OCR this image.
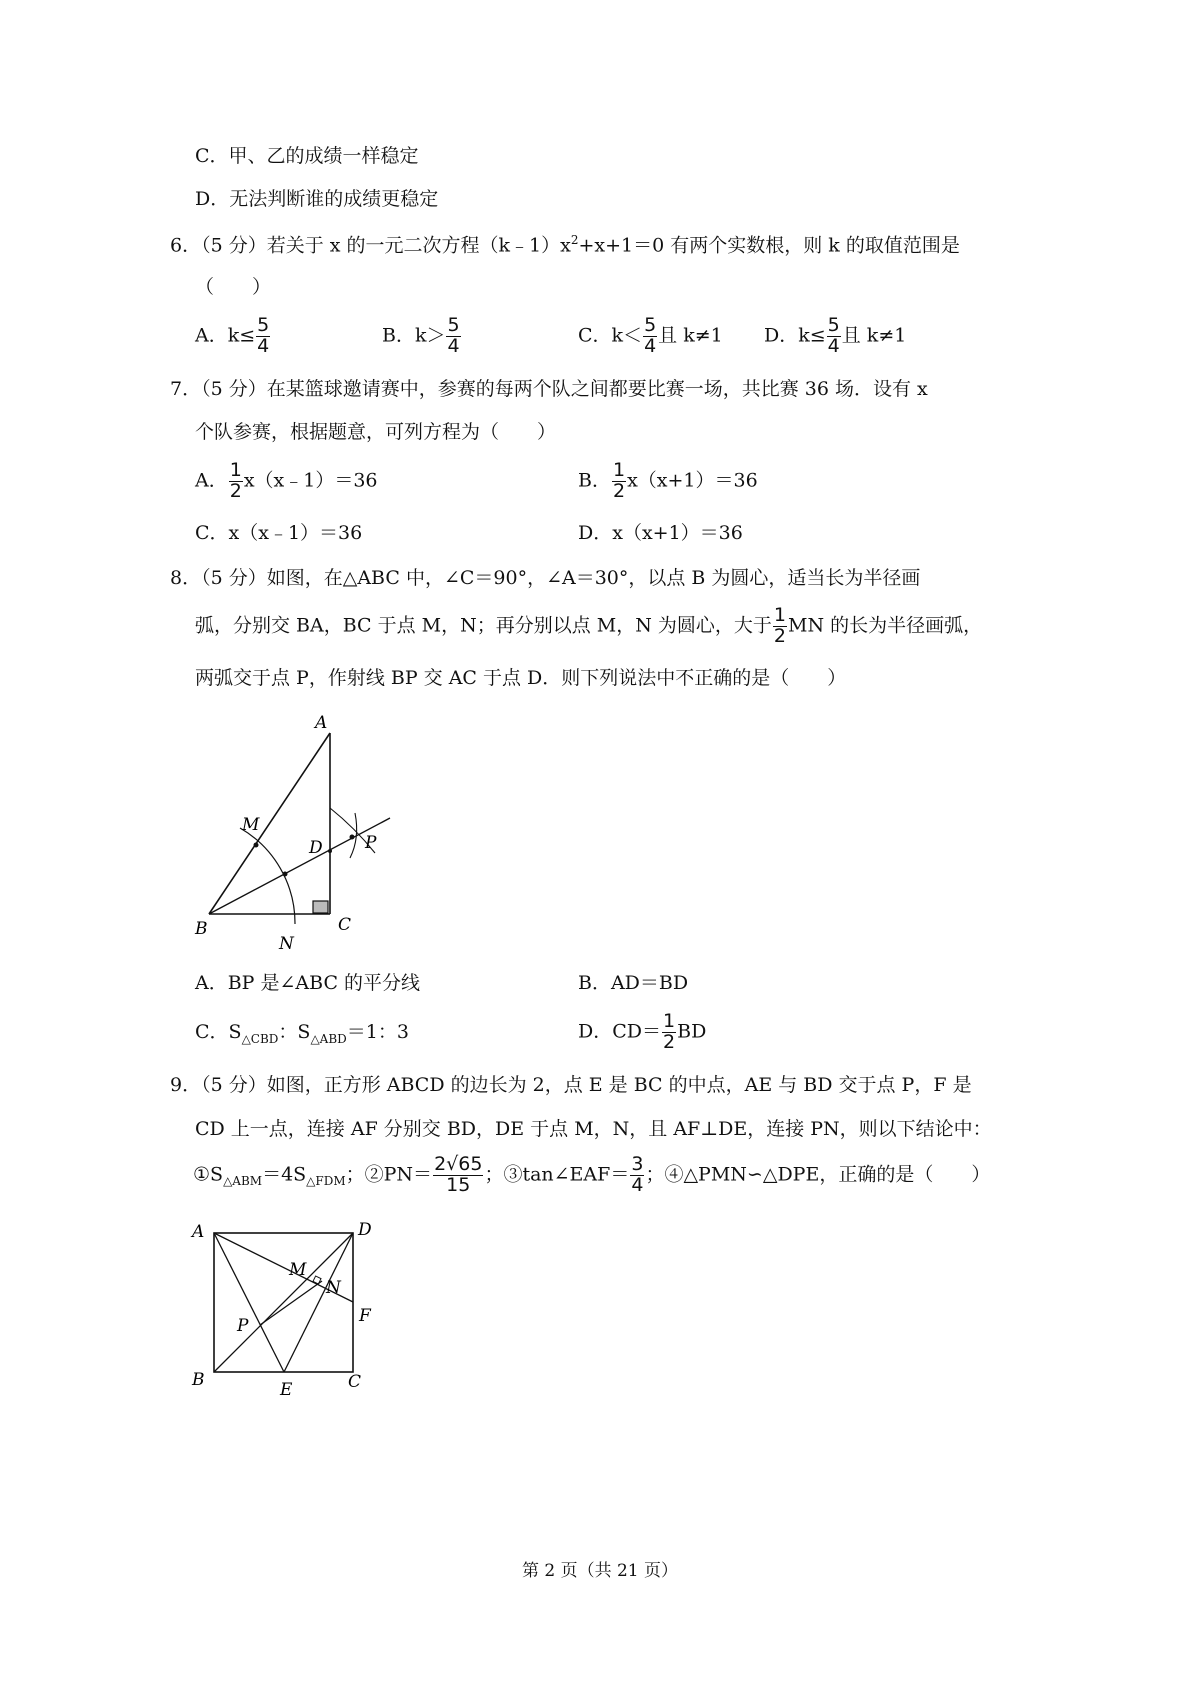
C．甲、乙的成绩一样稳定
D．无法判断谁的成绩更稳定
6．（5 分）若关于 x 的一元二次方程$(k﹣1)x^2+x+1=0$ 有两个实数根，则 k 的取值范围是
（　　）
A．$k\le \frac{5}{4}$	B．$k> \frac{5}{4}$	C．$k< \frac{5}{4}$ 且 k≠1 D．$k\le \frac{5}{4}$ 且 k≠1
7．（5 分）在某篮球邀请赛中，参赛的每两个队之间都要比赛一场，共比赛 36 场．设有 x
个队参赛，根据题意，可列方程为（　　）
A． $\frac{1}{2}$ x（x﹣1）＝36	B． $\frac{1}{2} x(x+1)=36$
C．x（x﹣1）＝36	D．x（x+1）＝36
8．（5 分）如图，在△ABC 中，∠C＝90°，∠A＝30°，以点 B 为圆心，适当长为半径画
弧，分别交 BA，BC 于点 M，N；再分别以点 M，N 为圆心，大于 $\frac{1}{2}$ MN 的长为半径画弧，
两弧交于点 P，作射线 BP 交 AC 于点 D．则下列说法中不正确的是（　　）
A
B	C
D
M
N
P
A．BP 是∠ABC 的平分线	B．AD＝BD
C．$S_{\triangle CBD}$：$S_{\triangle ABD}=1$：3	D．$CD= \frac{1}{2}$ BD
9．（5 分）如图，正方形 ABCD 的边长为 2，点 E 是 BC 的中点，AE 与 BD 交于点 P，F 是
CD 上一点，连接 AF 分别交 BD，DE 于点 M，N，且 AF⊥DE，连接 PN，则以下结论中：
$①S_{\triangle ABM}=4S_{\triangle FDM}$；②PN＝ $\frac{2√65}{15}$ ；③tan∠EAF＝ $\frac{3}{4}$ ；④△PMN∽△DPE，正确的是（　　）
A	D
B	C
E
F
M
N
P
第 2 页（共 21 页）
